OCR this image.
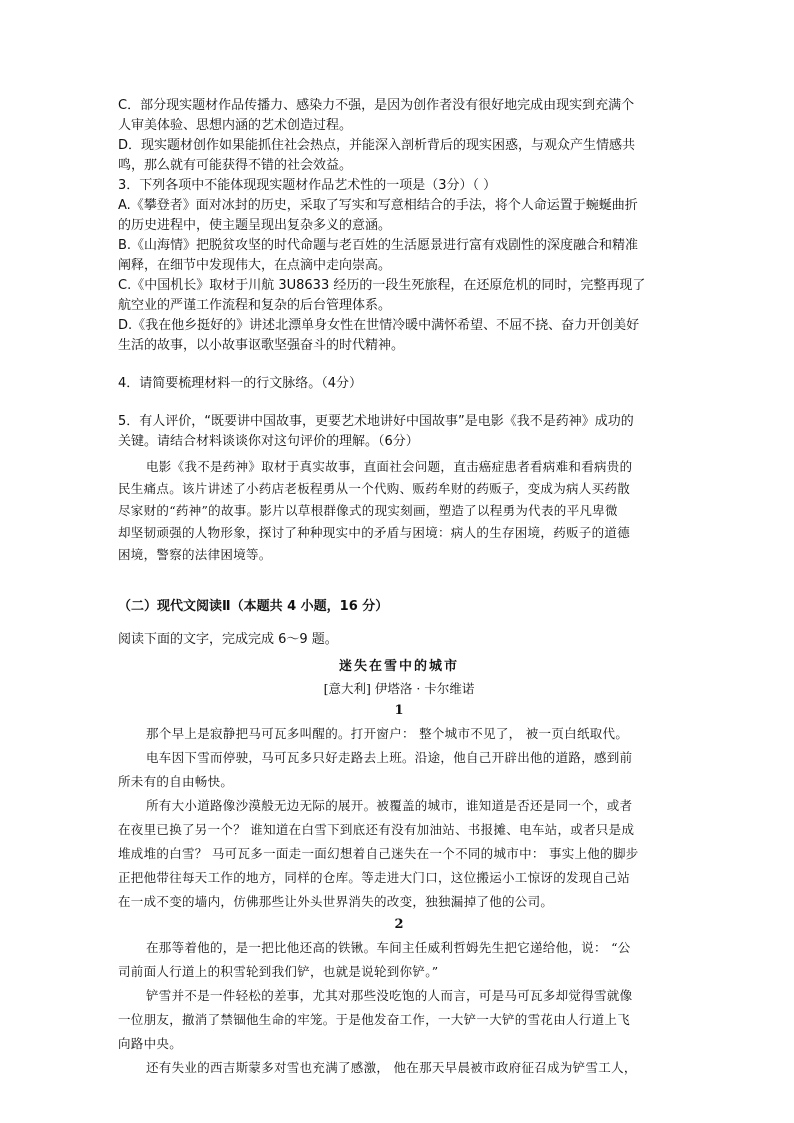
C．部分现实题材作品传播力、感染力不强，是因为创作者没有很好地完成由现实到充满个

人审美体验、思想内涵的艺术创造过程。

D．现实题材创作如果能抓住社会热点，并能深入剖析背后的现实困惑，与观众产生情感共

鸣，那么就有可能获得不错的社会效益。

3．下列各项中不能体现现实题材作品艺术性的一项是（3分）（ ）

A.《攀登者》面对冰封的历史，采取了写实和写意相结合的手法，将个人命运置于蜿蜒曲折

的历史进程中，使主题呈现出复杂多义的意涵。

B.《山海情》把脱贫攻坚的时代命题与老百姓的生活愿景进行富有戏剧性的深度融合和精准

阐释，在细节中发现伟大，在点滴中走向崇高。

C.《中国机长》取材于川航 3U8633 经历的一段生死旅程，在还原危机的同时，完整再现了

航空业的严谨工作流程和复杂的后台管理体系。

D.《我在他乡挺好的》讲述北漂单身女性在世情冷暖中满怀希望、不屈不挠、奋力开创美好

生活的故事，以小故事讴歌坚强奋斗的时代精神。

4．请简要梳理材料一的行文脉络。（4分）

5．有人评价，“既要讲中国故事，更要艺术地讲好中国故事”是电影《我不是药神》成功的

关键。请结合材料谈谈你对这句评价的理解。（6分）

电影《我不是药神》取材于真实故事，直面社会问题，直击癌症患者看病难和看病贵的

民生痛点。该片讲述了小药店老板程勇从一个代购、贩药牟财的药贩子，变成为病人买药散

尽家财的“药神”的故事。影片以草根群像式的现实刻画，塑造了以程勇为代表的平凡卑微

却坚韧顽强的人物形象，探讨了种种现实中的矛盾与困境：病人的生存困境，药贩子的道德

困境，警察的法律困境等。

（二）现代文阅读Ⅱ（本题共 4 小题，16 分）

阅读下面的文字，完成完成 6～9 题。

迷失在雪中的城市
[意大利] 伊塔洛 · 卡尔维诺
1

那个早上是寂静把马可瓦多叫醒的。打开窗户： 整个城市不见了， 被一页白纸取代。

电车因下雪而停驶，马可瓦多只好走路去上班。沿途，他自己开辟出他的道路，感到前

所未有的自由畅快。

所有大小道路像沙漠般无边无际的展开。被覆盖的城市，谁知道是否还是同一个，或者

在夜里已换了另一个？ 谁知道在白雪下到底还有没有加油站、书报摊、电车站，或者只是成

堆成堆的白雪？ 马可瓦多一面走一面幻想着自己迷失在一个不同的城市中： 事实上他的脚步

正把他带往每天工作的地方，同样的仓库。等走进大门口，这位搬运小工惊讶的发现自己站

在一成不变的墙内，仿佛那些让外头世界消失的改变，独独漏掉了他的公司。

2

在那等着他的，是一把比他还高的铁锹。车间主任威利哲姆先生把它递给他，说： “公

司前面人行道上的积雪轮到我们铲，也就是说轮到你铲。”

铲雪并不是一件轻松的差事，尤其对那些没吃饱的人而言，可是马可瓦多却觉得雪就像

一位朋友，撤消了禁锢他生命的牢笼。于是他发奋工作，一大铲一大铲的雪花由人行道上飞

向路中央。

还有失业的西吉斯蒙多对雪也充满了感激， 他在那天早晨被市政府征召成为铲雪工人，
